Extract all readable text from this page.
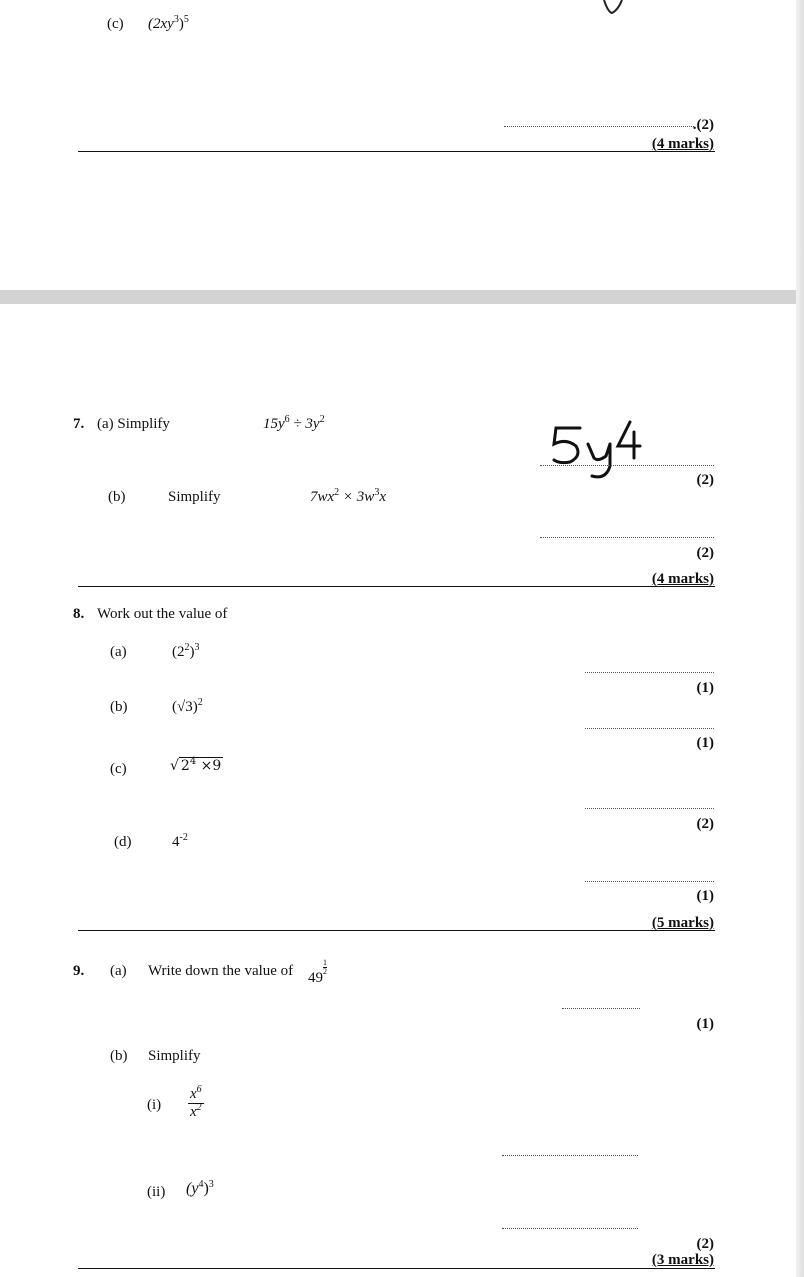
(c) $(2xy^3)^5$
.(2)
(4 marks)
7. (a) Simplify	$15y^6 \div 3y^2$
(2)
(b)	Simplify	$7wx^2 \times 3w^3x$
(2)
(4 marks)
8. Work out the value of
(a)	$(2^2)^3$
(1)
(b)	$(√3)^2$
(1)
(c)	√ $2^4 \times 9$
(2)
(d)	$4^{-2}$
(1)
(5 marks)
9. (a) Write down the value of 49
$\frac{1}{2}$
(1)
(b) Simplify
$(i) \frac{x^6}{x^2}$
(ii) $(y^4)^3$
(2)
(3 marks)
